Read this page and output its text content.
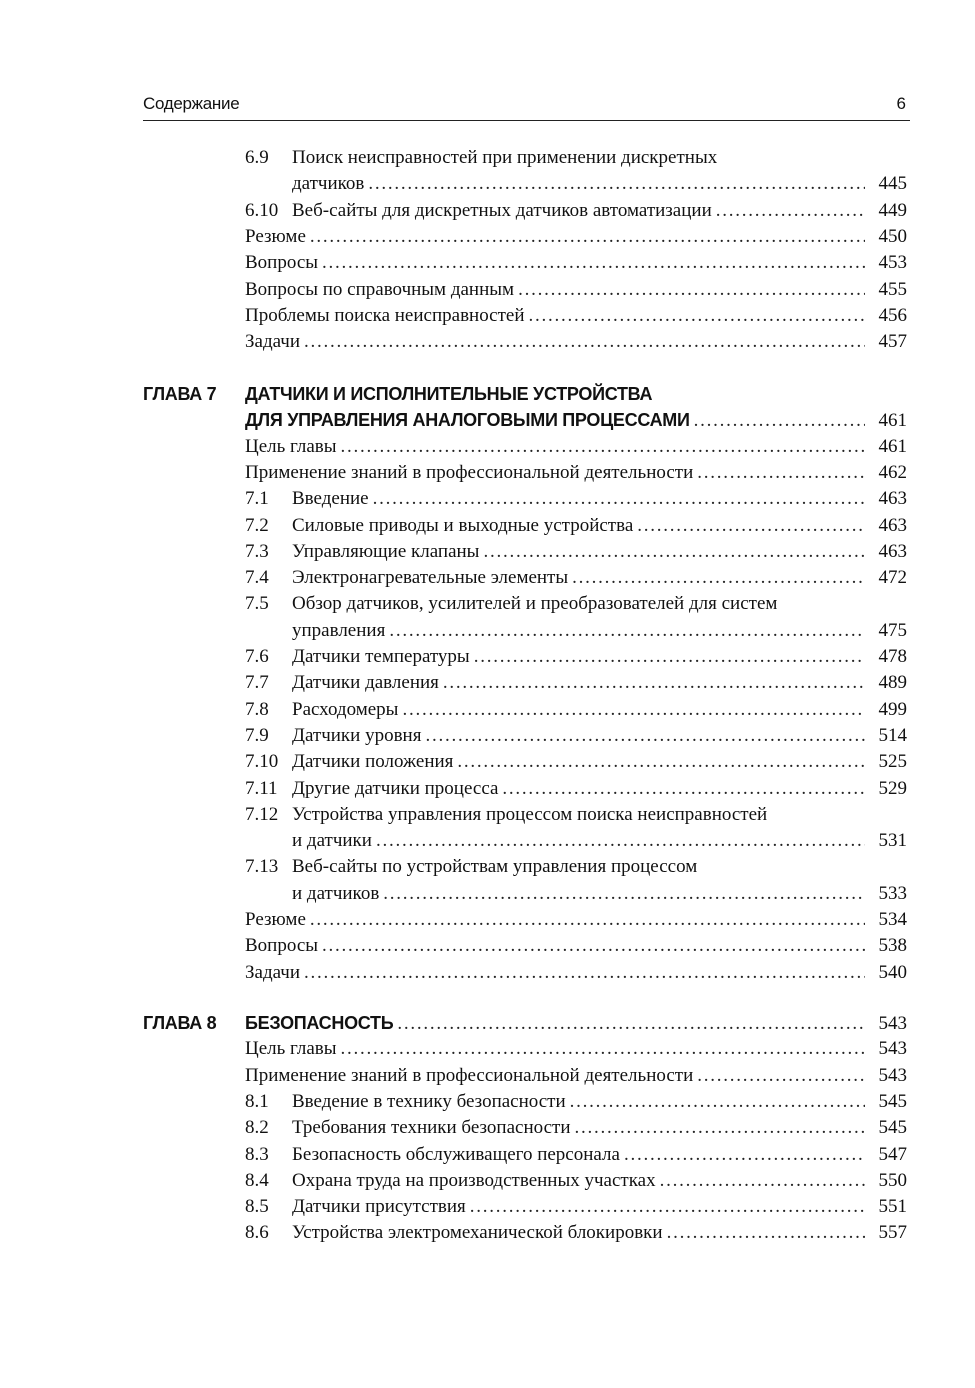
Содержание	6
6.9 Поиск неисправностей при применении дискретных
датчиков . . .	445
6.10 Веб-сайты для дискретных датчиков автоматизации . . .	449
Резюме . . .	450
Вопросы . . .	453
Вопросы по справочным данным . . .	455
Проблемы поиска неисправностей . . .	456
Задачи . . .	457
ГЛАВА 7 ДАТЧИКИ И ИСПОЛНИТЕЛЬНЫЕ УСТРОЙСТВА
ДЛЯ УПРАВЛЕНИЯ АНАЛОГОВЫМИ ПРОЦЕССАМИ . . .	461
Цель главы . . .	461
Применение знаний в профессиональной деятельности . . .	462
7.1 Введение . . .	463
7.2 Силовые приводы и выходные устройства . . .	463
7.3 Управляющие клапаны . . .	463
7.4 Электронагревательные элементы . . .	472
7.5 Обзор датчиков, усилителей и преобразователей для систем
управления . . .	475
7.6 Датчики температуры . . .	478
7.7 Датчики давления . . .	489
7.8 Расходомеры . . .	499
7.9 Датчики уровня . . .	514
7.10 Датчики положения . . .	525
7.11 Другие датчики процесса . . .	529
7.12 Устройства управления процессом поиска неисправностей
и датчики . . .	531
7.13 Веб-сайты по устройствам управления процессом
и датчиков . . .	533
Резюме . . .	534
Вопросы . . .	538
Задачи . . .	540
ГЛАВА 8 БЕЗОПАСНОСТЬ . . .	543
Цель главы . . .	543
Применение знаний в профессиональной деятельности . . .	543
8.1 Введение в технику безопасности . . .	545
8.2 Требования техники безопасности . . .	545
8.3 Безопасность обслуживащего персонала . . .	547
8.4 Охрана труда на производственных участках . . .	550
8.5 Датчики присутствия . . .	551
8.6 Устройства электромеханической блокировки . . .	557
